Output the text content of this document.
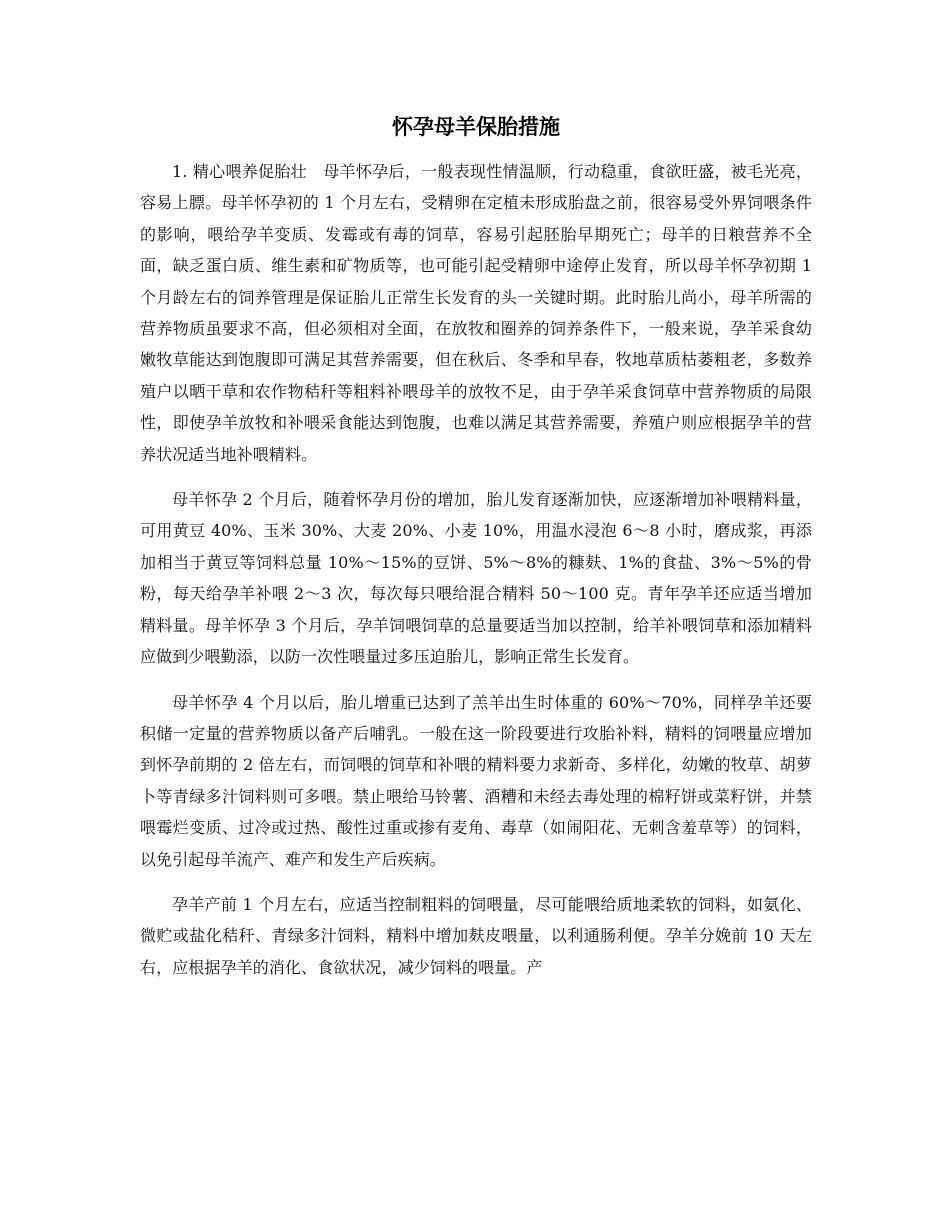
怀孕母羊保胎措施

1. 精心喂养促胎壮　母羊怀孕后，一般表现性情温顺，行动稳重，食欲旺盛，被毛光亮，容易上膘。母羊怀孕初的 1 个月左右，受精卵在定植未形成胎盘之前，很容易受外界饲喂条件的影响，喂给孕羊变质、发霉或有毒的饲草，容易引起胚胎早期死亡；母羊的日粮营养不全面，缺乏蛋白质、维生素和矿物质等，也可能引起受精卵中途停止发育，所以母羊怀孕初期 1 个月龄左右的饲养管理是保证胎儿正常生长发育的头一关键时期。此时胎儿尚小，母羊所需的营养物质虽要求不高，但必须相对全面，在放牧和圈养的饲养条件下，一般来说，孕羊采食幼嫩牧草能达到饱腹即可满足其营养需要，但在秋后、冬季和早春，牧地草质枯萎粗老，多数养殖户以晒干草和农作物秸秆等粗料补喂母羊的放牧不足，由于孕羊采食饲草中营养物质的局限性，即使孕羊放牧和补喂采食能达到饱腹，也难以满足其营养需要，养殖户则应根据孕羊的营养状况适当地补喂精料。

母羊怀孕 2 个月后，随着怀孕月份的增加，胎儿发育逐渐加快，应逐渐增加补喂精料量，可用黄豆 40%、玉米 30%、大麦 20%、小麦 10%，用温水浸泡 6～8 小时，磨成浆，再添加相当于黄豆等饲料总量 10%～15%的豆饼、5%～8%的糠麸、1%的食盐、3%～5%的骨粉，每天给孕羊补喂 2～3 次，每次每只喂给混合精料 50～100 克。青年孕羊还应适当增加精料量。母羊怀孕 3 个月后，孕羊饲喂饲草的总量要适当加以控制，给羊补喂饲草和添加精料应做到少喂勤添，以防一次性喂量过多压迫胎儿，影响正常生长发育。

母羊怀孕 4 个月以后，胎儿增重已达到了羔羊出生时体重的 60%～70%，同样孕羊还要积储一定量的营养物质以备产后哺乳。一般在这一阶段要进行攻胎补料，精料的饲喂量应增加到怀孕前期的 2 倍左右，而饲喂的饲草和补喂的精料要力求新奇、多样化，幼嫩的牧草、胡萝卜等青绿多汁饲料则可多喂。禁止喂给马铃薯、酒糟和未经去毒处理的棉籽饼或菜籽饼，并禁喂霉烂变质、过冷或过热、酸性过重或掺有麦角、毒草（如闹阳花、无刺含羞草等）的饲料，以免引起母羊流产、难产和发生产后疾病。

孕羊产前 1 个月左右，应适当控制粗料的饲喂量，尽可能喂给质地柔软的饲料，如氨化、微贮或盐化秸秆、青绿多汁饲料，精料中增加麸皮喂量，以利通肠利便。孕羊分娩前 10 天左右，应根据孕羊的消化、食欲状况，减少饲料的喂量。产
